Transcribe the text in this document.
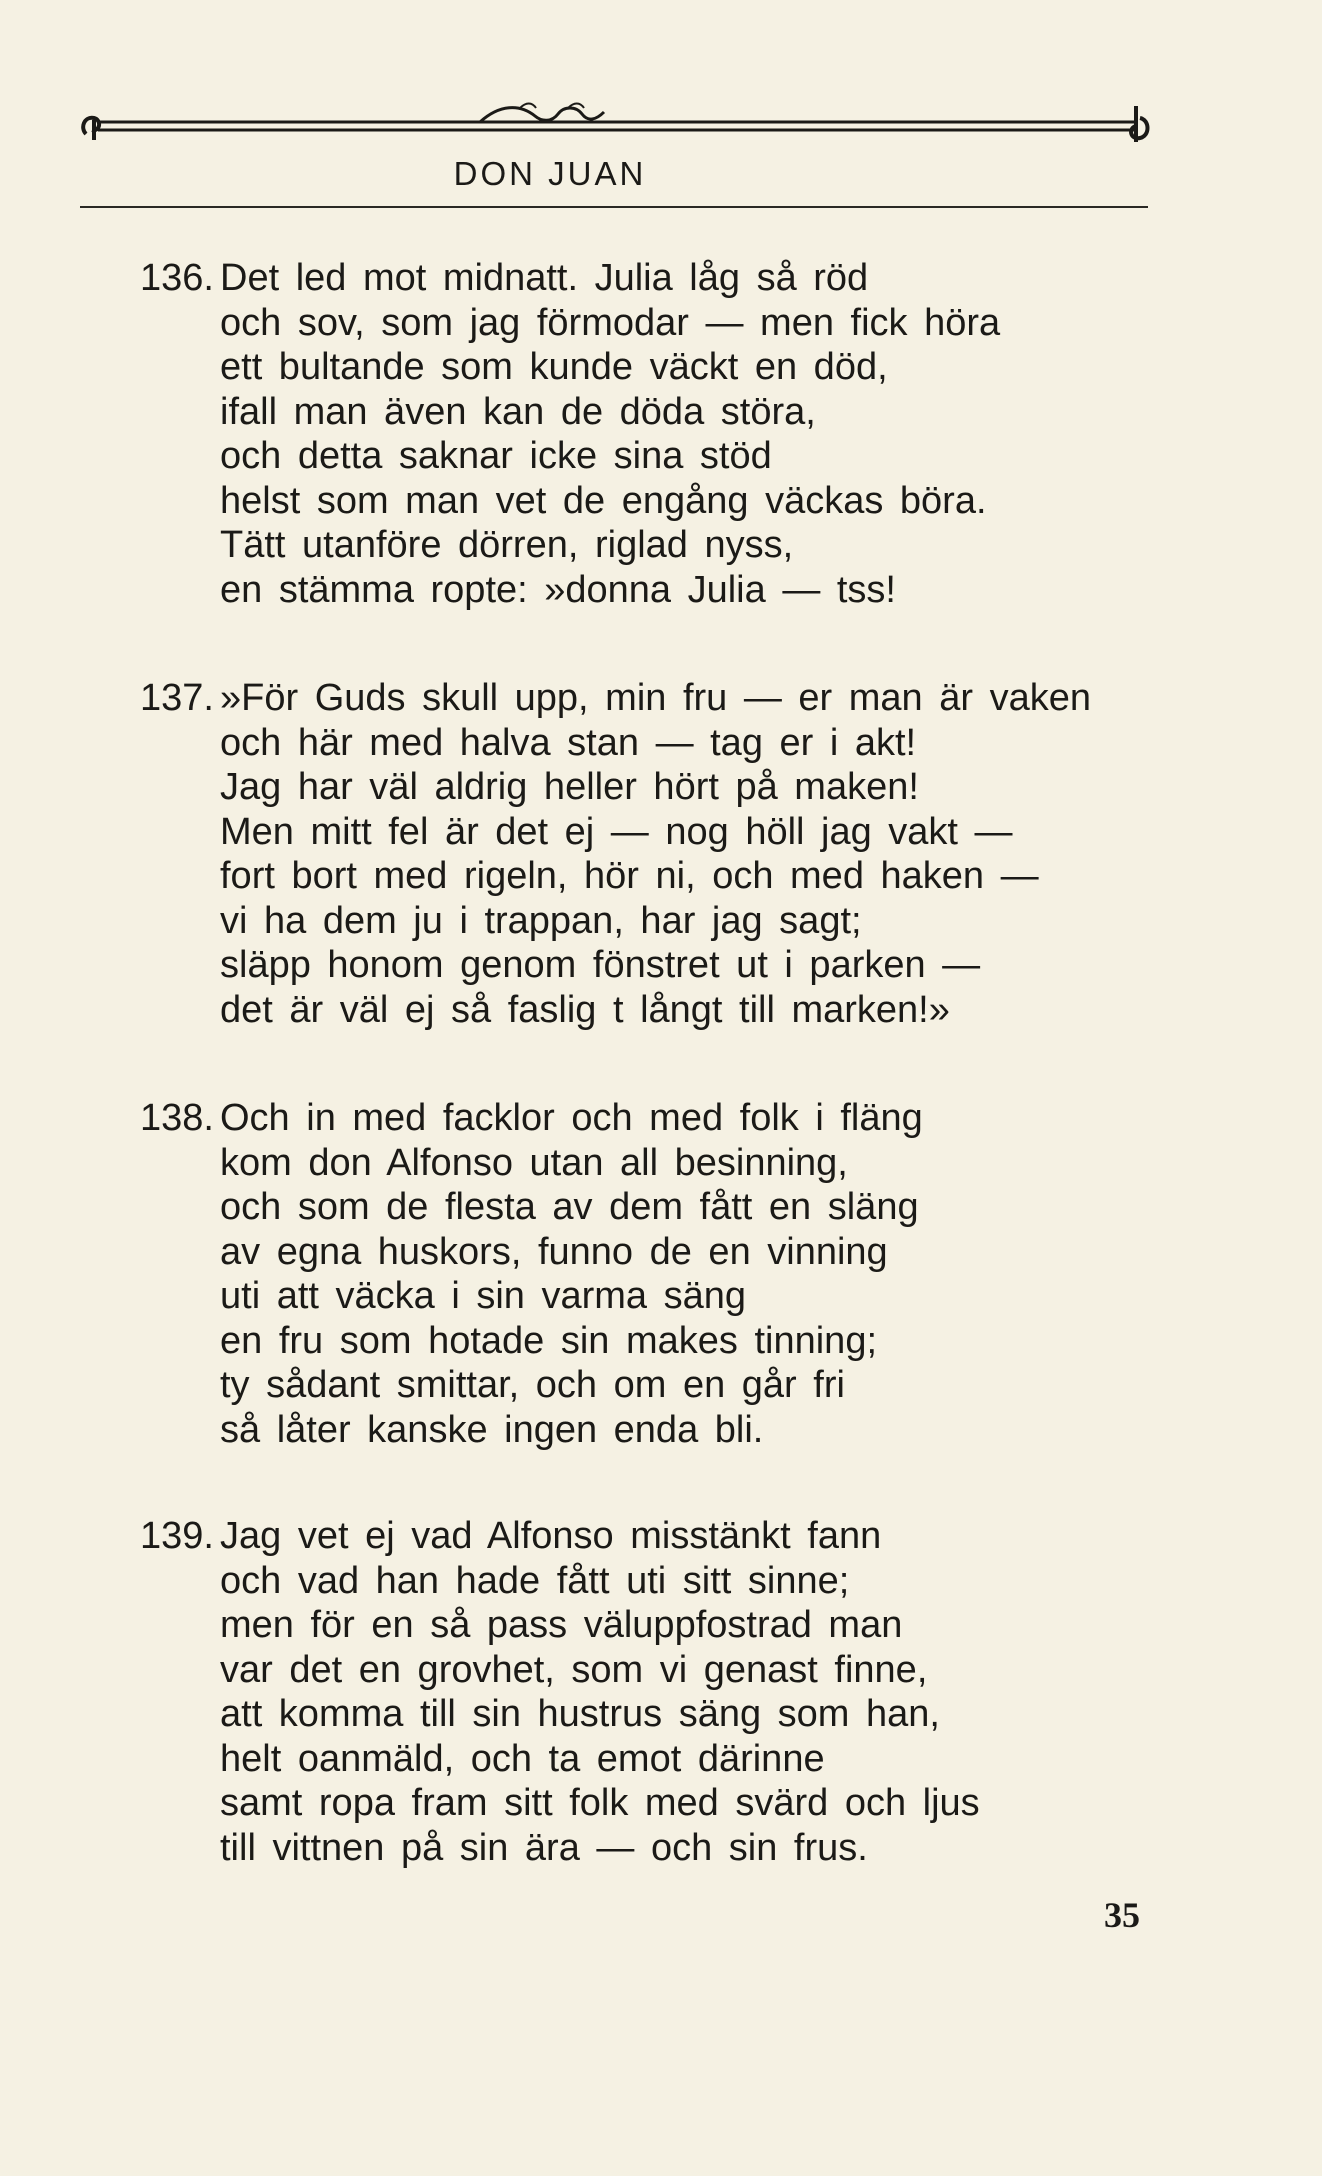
DON JUAN
136. Det led mot midnatt. Julia låg så röd
och sov, som jag förmodar — men fick höra
ett bultande som kunde väckt en död,
ifall man även kan de döda störa,
och detta saknar icke sina stöd
helst som man vet de engång väckas böra.
Tätt utanföre dörren, riglad nyss,
en stämma ropte: »donna Julia — tss!
137. »För Guds skull upp, min fru — er man är vaken
och här med halva stan — tag er i akt!
Jag har väl aldrig heller hört på maken!
Men mitt fel är det ej — nog höll jag vakt —
fort bort med rigeln, hör ni, och med haken —
vi ha dem ju i trappan, har jag sagt;
släpp honom genom fönstret ut i parken —
det är väl ej så faslig t långt till marken!»
138. Och in med facklor och med folk i fläng
kom don Alfonso utan all besinning,
och som de flesta av dem fått en släng
av egna huskors, funno de en vinning
uti att väcka i sin varma säng
en fru som hotade sin makes tinning;
ty sådant smittar, och om en går fri
så låter kanske ingen enda bli.
139. Jag vet ej vad Alfonso misstänkt fann
och vad han hade fått uti sitt sinne;
men för en så pass väluppfostrad man
var det en grovhet, som vi genast finne,
att komma till sin hustrus säng som han,
helt oanmäld, och ta emot därinne
samt ropa fram sitt folk med svärd och ljus
till vittnen på sin ära — och sin frus.
35
